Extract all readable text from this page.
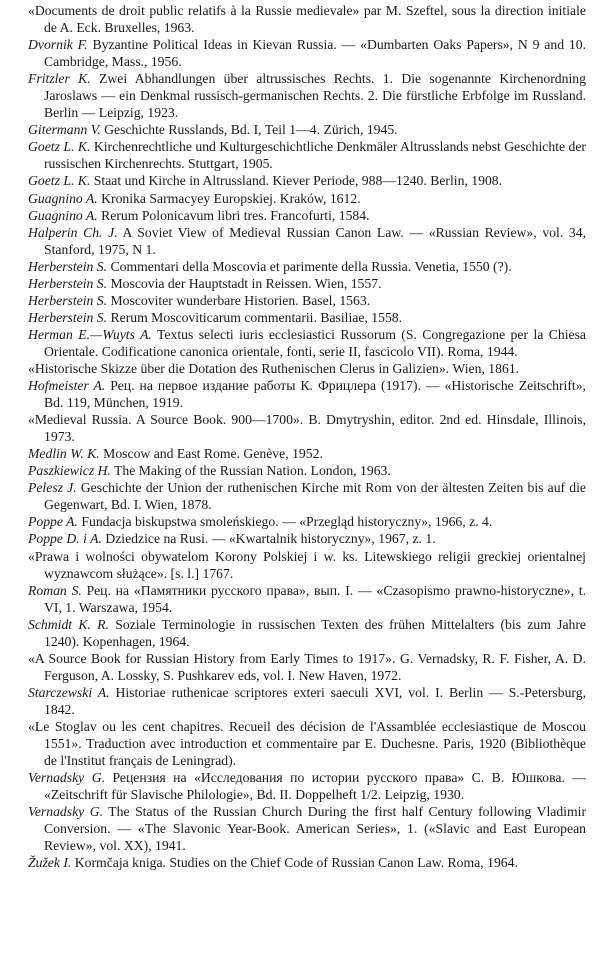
«Documents de droit public relatifs à la Russie medievale» par M. Szeftel, sous la direction initiale de A. Eck. Bruxelles, 1963.

Dvornik F. Byzantine Political Ideas in Kievan Russia. — «Dumbarten Oaks Papers», N 9 and 10. Cambridge, Mass., 1956.

Fritzler K. Zwei Abhandlungen über altrussisches Rechts. 1. Die sogenannte Kirchenordning Jaroslaws — ein Denkmal russisch-germanischen Rechts. 2. Die fürstliche Erbfolge im Russland. Berlin — Leipzig, 1923.

Gitermann V. Geschichte Russlands, Bd. I, Teil 1—4. Zürich, 1945.

Goetz L. K. Kirchenrechtliche und Kulturgeschichtliche Denkmäler Altrusslands nebst Geschichte der russischen Kirchenrechts. Stuttgart, 1905.

Goetz L. K. Staat und Kirche in Altrussland. Kiever Periode, 988—1240. Berlin, 1908.

Guagnino A. Kronika Sarmacyey Europskiej. Kraków, 1612.

Guagnino A. Rerum Polonicavum libri tres. Francofurti, 1584.

Halperin Ch. J. A Soviet View of Medieval Russian Canon Law. — «Russian Review», vol. 34, Stanford, 1975, N 1.

Herberstein S. Commentari della Moscovia et parimente della Russia. Venetia, 1550 (?).

Herberstein S. Moscovia der Hauptstadt in Reissen. Wien, 1557.

Herberstein S. Moscoviter wunderbare Historien. Basel, 1563.

Herberstein S. Rerum Moscoviticarum commentarii. Basiliae, 1558.

Herman E.—Wuyts A. Textus selecti iuris ecclesiastici Russorum (S. Congregazione per la Chiesa Orientale. Codificatione canonica orientale, fonti, serie II, fascicolo VII). Roma, 1944.

«Historische Skizze über die Dotation des Ruthenischen Clerus in Galizien». Wien, 1861.

Hofmeister A. Рец. на первое издание работы К. Фрицлера (1917). — «Historische Zeitschrift», Bd. 119, München, 1919.

«Medieval Russia. A Source Book. 900—1700». B. Dmytryshin, editor. 2nd ed. Hinsdale, Illinois, 1973.

Medlin W. K. Moscow and East Rome. Genève, 1952.

Paszkiewicz H. The Making of the Russian Nation. London, 1963.

Pelesz J. Geschichte der Union der ruthenischen Kirche mit Rom von der ältesten Zeiten bis auf die Gegenwart, Bd. I. Wien, 1878.

Poppe A. Fundacja biskupstwa smoleńskiego. — «Przegląd historyczny», 1966, z. 4.

Poppe D. i A. Dziedzice na Rusi. — «Kwartalnik historyczny», 1967, z. 1.

«Prawa i wolności obywatelom Korony Polskiej i w. ks. Litewskiego religii greckiej orientalnej wyznawcom służące». [s. l.] 1767.

Roman S. Рец. на «Памятники русского права», вып. I. — «Czasopismo prawno-historyczne», t. VI, 1. Warszawa, 1954.

Schmidt K. R. Soziale Terminologie in russischen Texten des frühen Mittelalters (bis zum Jahre 1240). Kopenhagen, 1964.

«A Source Book for Russian History from Early Times to 1917». G. Vernadsky, R. F. Fisher, A. D. Ferguson, A. Lossky, S. Pushkarev eds, vol. I. New Haven, 1972.

Starczewski A. Historiae ruthenicae scriptores exteri saeculi XVI, vol. I. Berlin — S.-Petersburg, 1842.

«Le Stoglav ou les cent chapitres. Recueil des décision de l'Assamblée ecclesiastique de Moscou 1551». Traduction avec introduction et commentaire par E. Duchesne. Paris, 1920 (Bibliothèque de l'Institut français de Leningrad).

Vernadsky G. Рецензия на «Исследования по истории русского права» С. В. Юшкова. — «Zeitschrift für Slavische Philologie», Bd. II. Doppelheft 1/2. Leipzig, 1930.

Vernadsky G. The Status of the Russian Church During the first half Century following Vladimir Conversion. — «The Slavonic Year-Book. American Series», 1. («Slavic and East European Review», vol. XX), 1941.

Žužek I. Kormčaja kniga. Studies on the Chief Code of Russian Canon Law. Roma, 1964.
